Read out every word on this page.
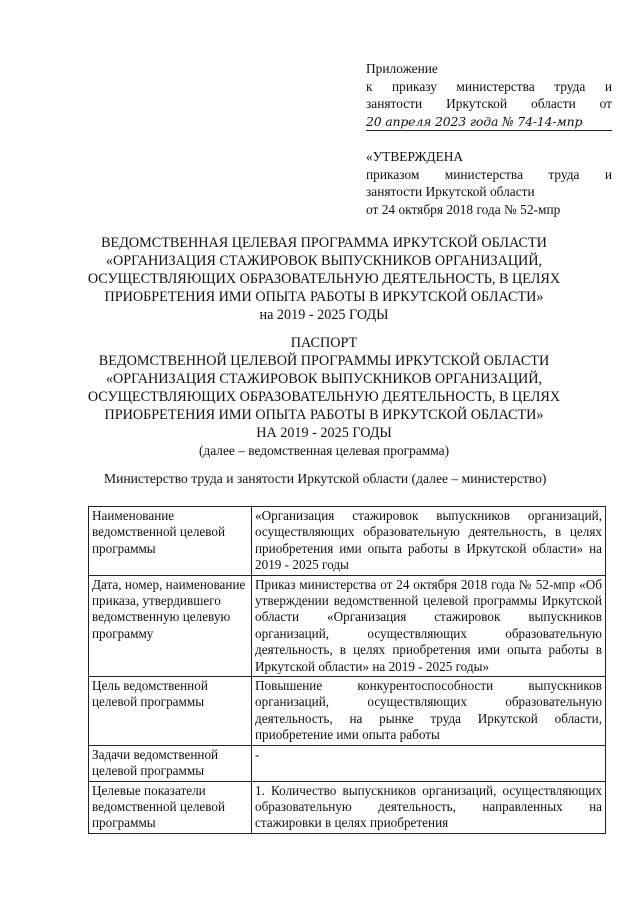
Приложение
к приказу министерства труда и
занятости Иркутской области от
20 апреля 2023 года № 74-14-мпр
«УТВЕРЖДЕНА
приказом министерства труда и
занятости Иркутской области
от 24 октября 2018 года № 52-мпр
ВЕДОМСТВЕННАЯ ЦЕЛЕВАЯ ПРОГРАММА ИРКУТСКОЙ ОБЛАСТИ
«ОРГАНИЗАЦИЯ СТАЖИРОВОК ВЫПУСКНИКОВ ОРГАНИЗАЦИЙ,
ОСУЩЕСТВЛЯЮЩИХ ОБРАЗОВАТЕЛЬНУЮ ДЕЯТЕЛЬНОСТЬ, В ЦЕЛЯХ
ПРИОБРЕТЕНИЯ ИМИ ОПЫТА РАБОТЫ В ИРКУТСКОЙ ОБЛАСТИ»
на 2019 - 2025 ГОДЫ
ПАСПОРТ
ВЕДОМСТВЕННОЙ ЦЕЛЕВОЙ ПРОГРАММЫ ИРКУТСКОЙ ОБЛАСТИ
«ОРГАНИЗАЦИЯ СТАЖИРОВОК ВЫПУСКНИКОВ ОРГАНИЗАЦИЙ,
ОСУЩЕСТВЛЯЮЩИХ ОБРАЗОВАТЕЛЬНУЮ ДЕЯТЕЛЬНОСТЬ, В ЦЕЛЯХ
ПРИОБРЕТЕНИЯ ИМИ ОПЫТА РАБОТЫ В ИРКУТСКОЙ ОБЛАСТИ»
НА 2019 - 2025 ГОДЫ
(далее – ведомственная целевая программа)
Министерство труда и занятости Иркутской области (далее – министерство)
Наименование ведомственной целевой программы	«Организация стажировок выпускников организаций, осуществляющих образовательную деятельность, в целях приобретения ими опыта работы в Иркутской области» на 2019 - 2025 годы
Дата, номер, наименование приказа, утвердившего ведомственную целевую программу	Приказ министерства от 24 октября 2018 года № 52-мпр «Об утверждении ведомственной целевой программы Иркутской области «Организация стажировок выпускников организаций, осуществляющих образовательную деятельность, в целях приобретения ими опыта работы в Иркутской области» на 2019 - 2025 годы»
Цель ведомственной целевой программы	Повышение конкурентоспособности выпускников организаций, осуществляющих образовательную деятельность, на рынке труда Иркутской области, приобретение ими опыта работы
Задачи ведомственной целевой программы	-
Целевые показатели ведомственной целевой программы	1. Количество выпускников организаций, осуществляющих образовательную деятельность, направленных на стажировки в целях приобретения
